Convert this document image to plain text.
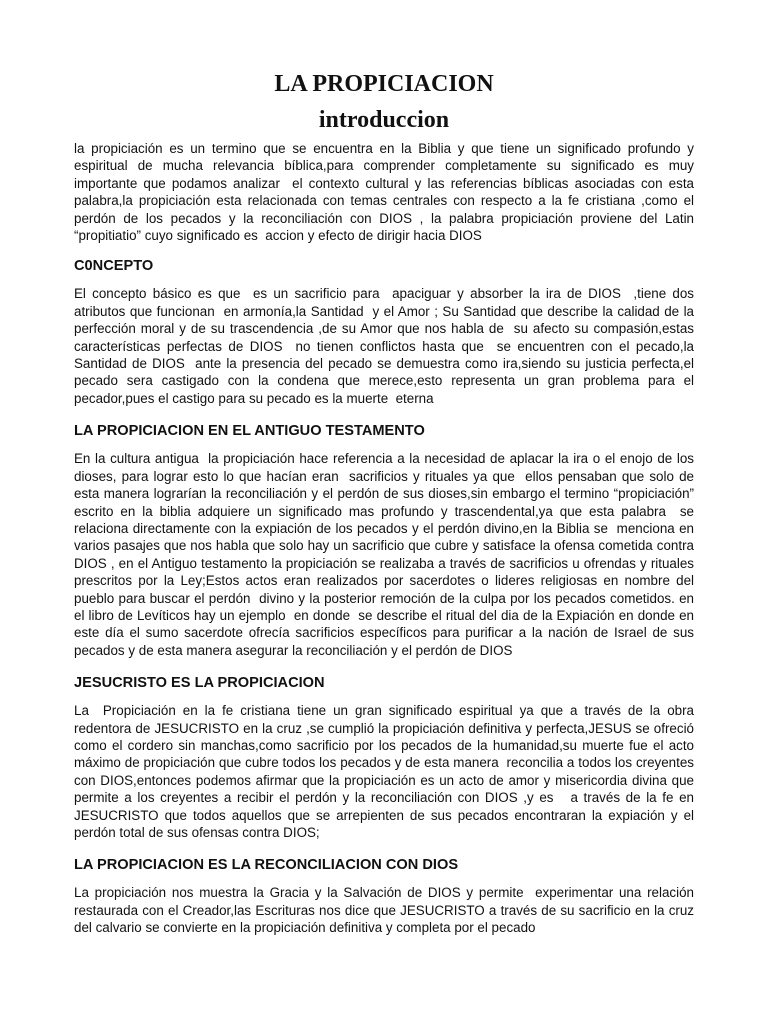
LA PROPICIACION
introduccion

la propiciación es un termino que se encuentra en la Biblia y que tiene un significado profundo y espiritual de mucha relevancia bíblica,para comprender completamente su significado es muy importante que podamos analizar  el contexto cultural y las referencias bíblicas asociadas con esta palabra,la propiciación esta relacionada con temas centrales con respecto a la fe cristiana ,como el perdón de los pecados y la reconciliación con DIOS , la palabra propiciación proviene del Latin “propitiatio” cuyo significado es  accion y efecto de dirigir hacia DIOS

C0NCEPTO

El concepto básico es que  es un sacrificio para  apaciguar y absorber la ira de DIOS  ,tiene dos atributos que funcionan  en armonía,la Santidad  y el Amor ; Su Santidad que describe la calidad de la perfección moral y de su trascendencia ,de su Amor que nos habla de  su afecto su compasión,estas características perfectas de DIOS  no tienen conflictos hasta que  se encuentren con el pecado,la Santidad de DIOS  ante la presencia del pecado se demuestra como ira,siendo su justicia perfecta,el pecado sera castigado con la condena que merece,esto representa un gran problema para el pecador,pues el castigo para su pecado es la muerte  eterna

LA PROPICIACION EN EL ANTIGUO TESTAMENTO

En la cultura antigua  la propiciación hace referencia a la necesidad de aplacar la ira o el enojo de los dioses, para lograr esto lo que hacían eran  sacrificios y rituales ya que  ellos pensaban que solo de esta manera lograrían la reconciliación y el perdón de sus dioses,sin embargo el termino “propiciación” escrito en la biblia adquiere un significado mas profundo y trascendental,ya que esta palabra  se relaciona directamente con la expiación de los pecados y el perdón divino,en la Biblia se  menciona en varios pasajes que nos habla que solo hay un sacrificio que cubre y satisface la ofensa cometida contra DIOS , en el Antiguo testamento la propiciación se realizaba a través de sacrificios u ofrendas y rituales prescritos por la Ley;Estos actos eran realizados por sacerdotes o lideres religiosas en nombre del pueblo para buscar el perdón  divino y la posterior remoción de la culpa por los pecados cometidos. en el libro de Levíticos hay un ejemplo  en donde  se describe el ritual del dia de la Expiación en donde en este día el sumo sacerdote ofrecía sacrificios específicos para purificar a la nación de Israel de sus pecados y de esta manera asegurar la reconciliación y el perdón de DIOS

JESUCRISTO ES LA PROPICIACION

La  Propiciación en la fe cristiana tiene un gran significado espiritual ya que a través de la obra redentora de JESUCRISTO en la cruz ,se cumplió la propiciación definitiva y perfecta,JESUS se ofreció como el cordero sin manchas,como sacrificio por los pecados de la humanidad,su muerte fue el acto máximo de propiciación que cubre todos los pecados y de esta manera  reconcilia a todos los creyentes con DIOS,entonces podemos afirmar que la propiciación es un acto de amor y misericordia divina que permite a los creyentes a recibir el perdón y la reconciliación con DIOS ,y es   a través de la fe en JESUCRISTO que todos aquellos que se arrepienten de sus pecados encontraran la expiación y el perdón total de sus ofensas contra DIOS;

LA PROPICIACION ES LA RECONCILIACION CON DIOS

La propiciación nos muestra la Gracia y la Salvación de DIOS y permite  experimentar una relación restaurada con el Creador,las Escrituras nos dice que JESUCRISTO a través de su sacrificio en la cruz del calvario se convierte en la propiciación definitiva y completa por el pecado
